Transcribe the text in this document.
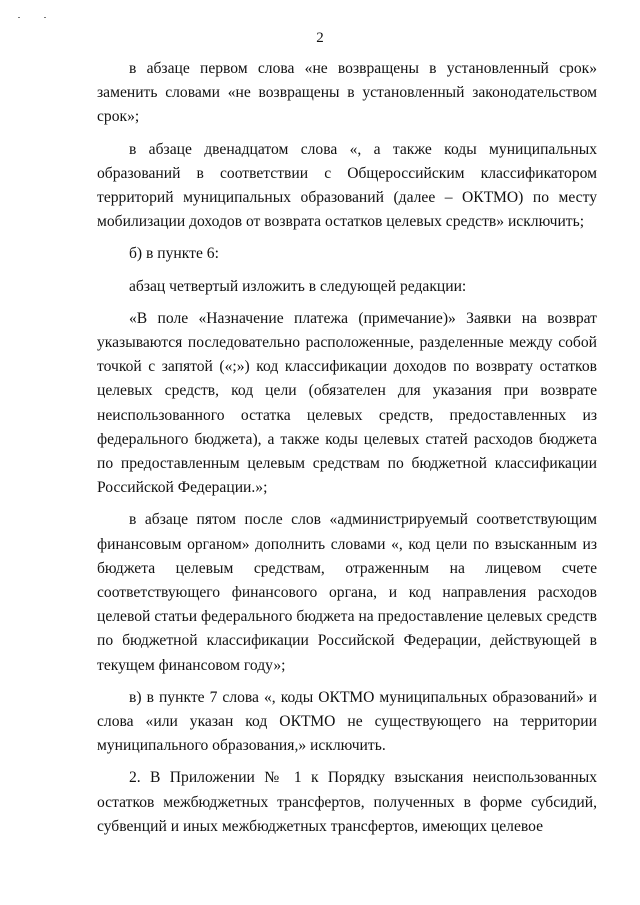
2

в абзаце первом слова «не возвращены в установленный срок» заменить словами «не возвращены в установленный законодательством срок»;

в абзаце двенадцатом слова «, а также коды муниципальных образований в соответствии с Общероссийским классификатором территорий муниципальных образований (далее – ОКТМО) по месту мобилизации доходов от возврата остатков целевых средств» исключить;

б) в пункте 6:

абзац четвертый изложить в следующей редакции:

«В поле «Назначение платежа (примечание)» Заявки на возврат указываются последовательно расположенные, разделенные между собой точкой с запятой («;») код классификации доходов по возврату остатков целевых средств, код цели (обязателен для указания при возврате неиспользованного остатка целевых средств, предоставленных из федерального бюджета), а также коды целевых статей расходов бюджета по предоставленным целевым средствам по бюджетной классификации Российской Федерации.»;

в абзаце пятом после слов «администрируемый соответствующим финансовым органом» дополнить словами «, код цели по взысканным из бюджета целевым средствам, отраженным на лицевом счете соответствующего финансового органа, и код направления расходов целевой статьи федерального бюджета на предоставление целевых средств по бюджетной классификации Российской Федерации, действующей в текущем финансовом году»;

в) в пункте 7 слова «, коды ОКТМО муниципальных образований» и слова «или указан код ОКТМО не существующего на территории муниципального образования,» исключить.

2. В Приложении № 1 к Порядку взыскания неиспользованных остатков межбюджетных трансфертов, полученных в форме субсидий, субвенций и иных межбюджетных трансфертов, имеющих целевое
